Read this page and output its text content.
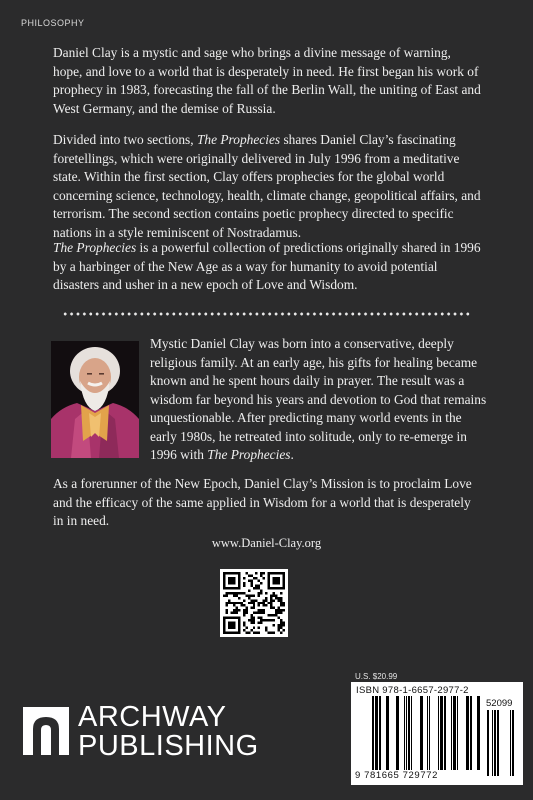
PHILOSOPHY

Daniel Clay is a mystic and sage who brings a divine message of warning, hope, and love to a world that is desperately in need. He first began his work of prophecy in 1983, forecasting the fall of the Berlin Wall, the uniting of East and West Germany, and the demise of Russia.

Divided into two sections, The Prophecies shares Daniel Clay’s fascinating foretellings, which were originally delivered in July 1996 from a meditative state. Within the first section, Clay offers prophecies for the global world concerning science, technology, health, climate change, geopolitical affairs, and terrorism. The second section contains poetic prophecy directed to specific nations in a style reminiscent of Nostradamus.

The Prophecies is a powerful collection of predictions originally shared in 1996 by a harbinger of the New Age as a way for humanity to avoid potential disasters and usher in a new epoch of Love and Wisdom.

Mystic Daniel Clay was born into a conservative, deeply religious family. At an early age, his gifts for healing became known and he spent hours daily in prayer. The result was a wisdom far beyond his years and devotion to God that remains unquestionable. After predicting many world events in the early 1980s, he retreated into solitude, only to re-emerge in 1996 with The Prophecies.

As a forerunner of the New Epoch, Daniel Clay’s Mission is to proclaim Love and the efficacy of the same applied in Wisdom for a world that is desperately in in need.

www.Daniel-Clay.org
ARCHWAY
PUBLISHING
U.S. $20.99
ISBN 978-1-6657-2977-2
52099
9 781665 729772
